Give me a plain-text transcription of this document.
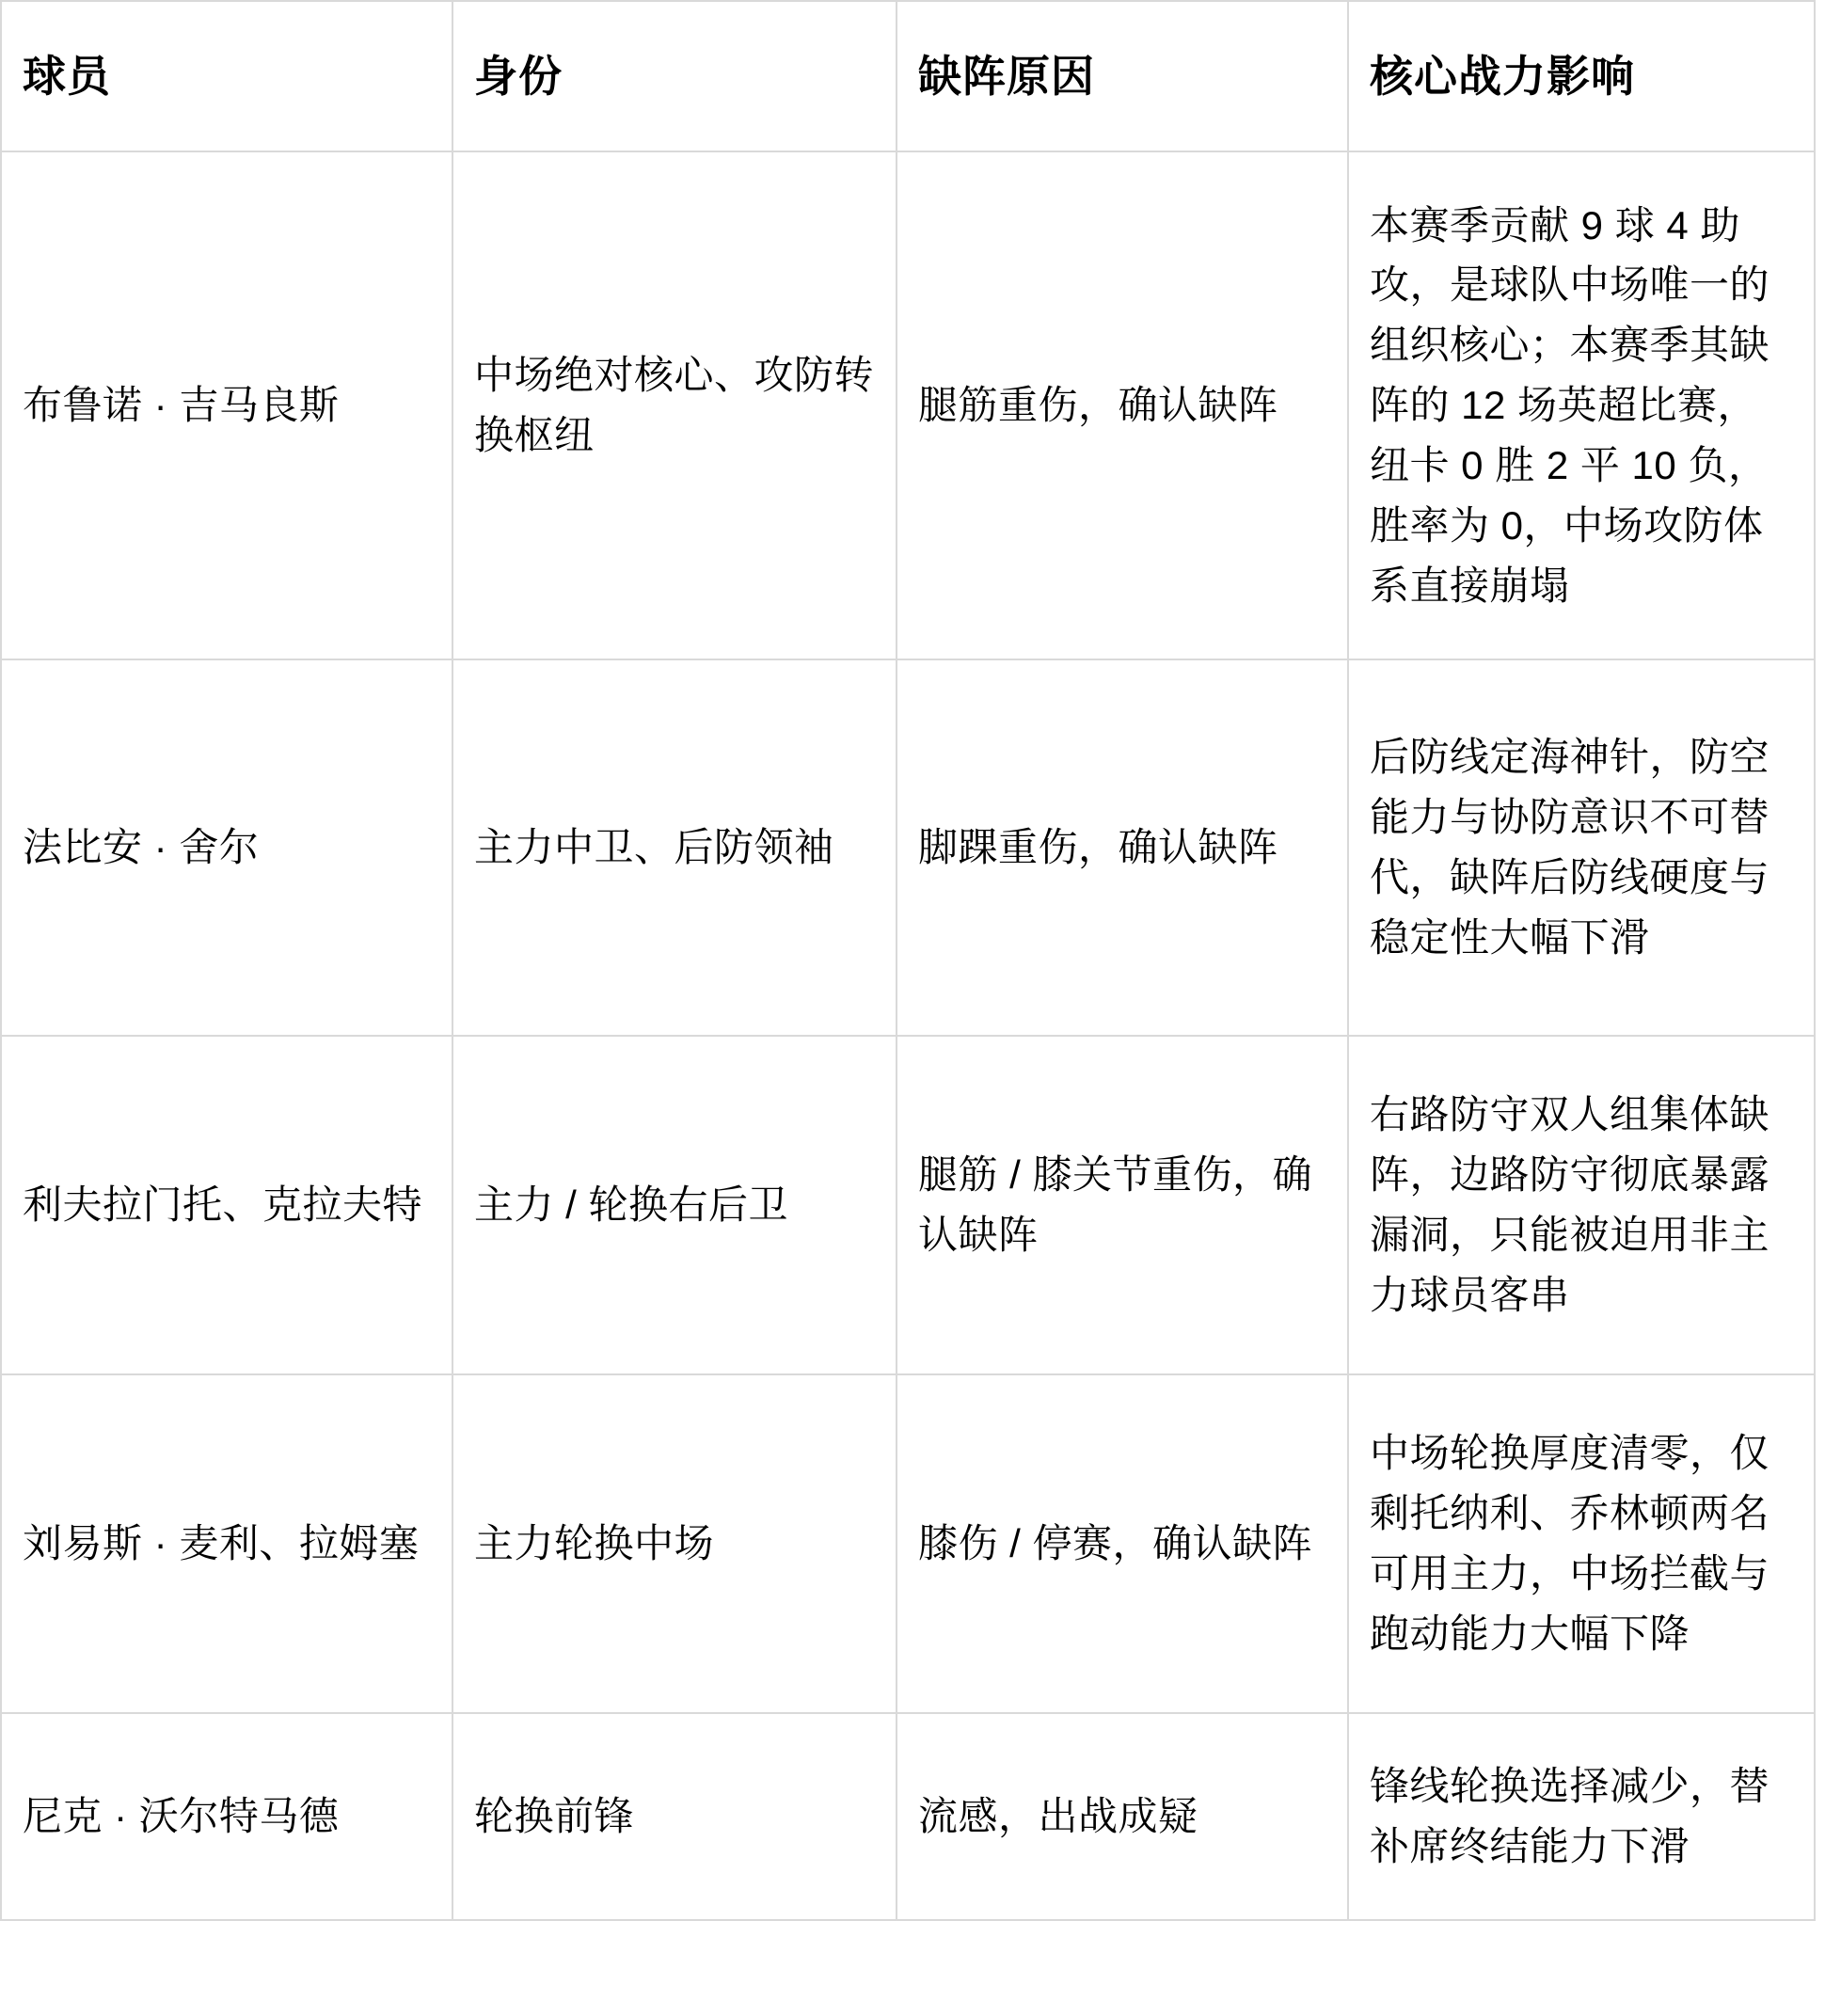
球员	身份	缺阵原因	核心战力影响
布鲁诺 · 吉马良斯	中场绝对核心、攻防转换枢纽	腿筋重伤，确认缺阵	本赛季贡献 9 球 4 助攻，是球队中场唯一的组织核心；本赛季其缺阵的 12 场英超比赛，纽卡 0 胜 2 平 10 负，胜率为 0，中场攻防体系直接崩塌
法比安 · 舍尔	主力中卫、后防领袖	脚踝重伤，确认缺阵	后防线定海神针，防空能力与协防意识不可替代，缺阵后防线硬度与稳定性大幅下滑
利夫拉门托、克拉夫特	主力 / 轮换右后卫	腿筋 / 膝关节重伤，确认缺阵	右路防守双人组集体缺阵，边路防守彻底暴露漏洞，只能被迫用非主力球员客串
刘易斯 · 麦利、拉姆塞	主力轮换中场	膝伤 / 停赛，确认缺阵	中场轮换厚度清零，仅剩托纳利、乔林顿两名可用主力，中场拦截与跑动能力大幅下降
尼克 · 沃尔特马德	轮换前锋	流感，出战成疑	锋线轮换选择减少，替补席终结能力下滑
